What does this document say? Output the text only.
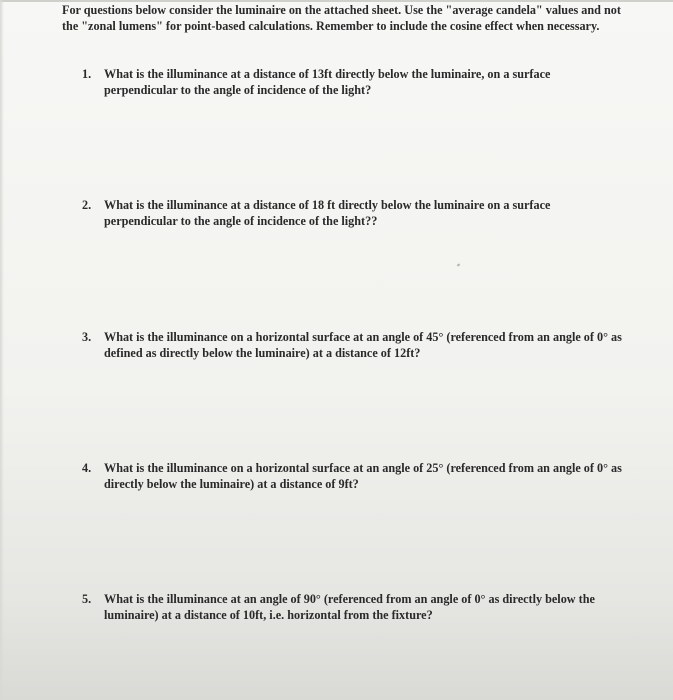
For questions below consider the luminaire on the attached sheet. Use the "average candela" values and not the "zonal lumens" for point-based calculations. Remember to include the cosine effect when necessary.
1.	What is the illuminance at a distance of 13ft directly below the luminaire, on a surface perpendicular to the angle of incidence of the light?
2.	What is the illuminance at a distance of 18 ft directly below the luminaire on a surface perpendicular to the angle of incidence of the light??
3.	What is the illuminance on a horizontal surface at an angle of 45° (referenced from an angle of 0° as defined as directly below the luminaire) at a distance of 12ft?
4.	What is the illuminance on a horizontal surface at an angle of 25° (referenced from an angle of 0° as directly below the luminaire) at a distance of 9ft?
5.	What is the illuminance at an angle of 90° (referenced from an angle of 0° as directly below the luminaire) at a distance of 10ft, i.e. horizontal from the fixture?
